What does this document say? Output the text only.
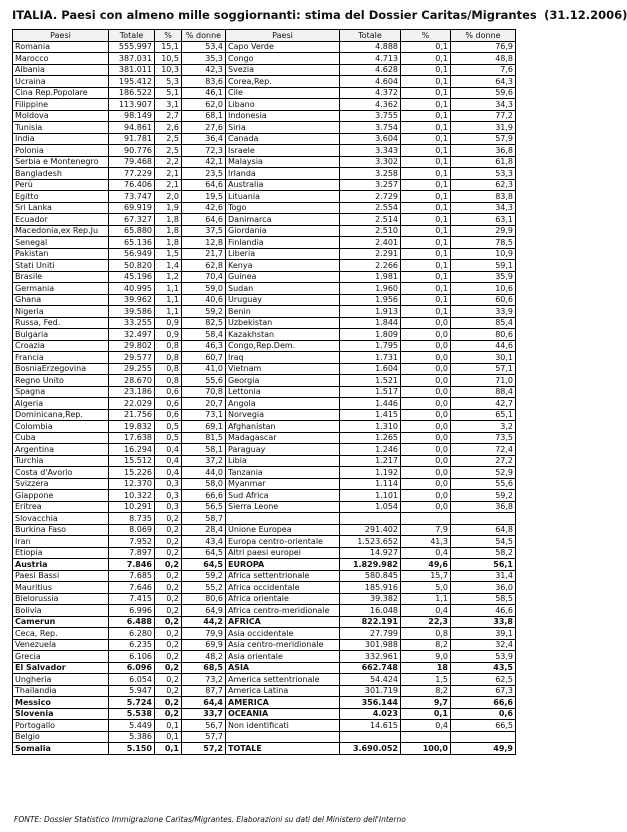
ITALIA. Paesi con almeno mille soggiornanti: stima del Dossier Caritas/Migrantes (31.12.2006)
Paesi	Totale	%	% donne	Paesi	Totale	%	% donne
Romania	555.997	15,1	53,4	Capo Verde	4.888	0,1	76,9
Marocco	387.031	10,5	35,3	Congo	4.713	0,1	48,8
Albania	381.011	10,3	42,3	Svezia	4.628	0,1	7,6
Ucraina	195.412	5,3	83,6	Corea,Rep.	4.604	0,1	64,3
Cina Rep.Popolare	186.522	5,1	46,1	Cile	4.372	0,1	59,6
Filippine	113.907	3,1	62,0	Libano	4.362	0,1	34,3
Moldova	98.149	2,7	68,1	Indonesia	3.755	0,1	77,2
Tunisia	94.861	2,6	27,6	Siria	3.754	0,1	31,9
India	91.781	2,5	36,4	Canada	3.604	0,1	57,9
Polonia	90.776	2,5	72,3	Israele	3.343	0,1	36,8
Serbia e Montenegro	79.468	2,2	42,1	Malaysia	3.302	0,1	61,8
Bangladesh	77.229	2,1	23,5	Irlanda	3.258	0,1	53,3
Perù	76.406	2,1	64,6	Australia	3.257	0,1	62,3
Egitto	73.747	2,0	19,5	Lituania	2.729	0,1	83,8
Sri Lanka	69.919	1,9	42,6	Togo	2.554	0,1	34,3
Ecuador	67.327	1,8	64,6	Danimarca	2.514	0,1	63,1
Macedonia,ex Rep.Ju	65.880	1,8	37,5	Giordania	2.510	0,1	29,9
Senegal	65.136	1,8	12,8	Finlandia	2.401	0,1	78,5
Pakistan	56.949	1,5	21,7	Liberia	2.291	0,1	10,9
Stati Uniti	50.820	1,4	62,8	Kenya	2.266	0,1	59,1
Brasile	45.196	1,2	70,4	Guinea	1.981	0,1	35,9
Germania	40.995	1,1	59,0	Sudan	1.960	0,1	10,6
Ghana	39.962	1,1	40,6	Uruguay	1.956	0,1	60,6
Nigeria	39.586	1,1	59,2	Benin	1.913	0,1	33,9
Russa, Fed.	33.255	0,9	82,5	Uzbekistan	1.844	0,0	85,4
Bulgaria	32.497	0,9	58,4	Kazakhstan	1.809	0,0	80,6
Croazia	29.802	0,8	46,3	Congo,Rep.Dem.	1.795	0,0	44,6
Francia	29.577	0,8	60,7	Iraq	1.731	0,0	30,1
BosniaErzegovina	29.255	0,8	41,0	Vietnam	1.604	0,0	57,1
Regno Unito	28.670	0,8	55,6	Georgia	1.521	0,0	71,0
Spagna	23.186	0,6	70,8	Lettonia	1.517	0,0	88,4
Algeria	22.029	0,6	20,7	Angola	1.446	0,0	42,7
Dominicana,Rep.	21.756	0,6	73,1	Norvegia	1.415	0,0	65,1
Colombia	19.832	0,5	69,1	Afghanistan	1.310	0,0	3,2
Cuba	17.638	0,5	81,5	Madagascar	1.265	0,0	73,5
Argentina	16.294	0,4	58,1	Paraguay	1.246	0,0	72,4
Turchia	15.512	0,4	37,2	Libia	1.217	0,0	27,2
Costa d'Avorio	15.226	0,4	44,0	Tanzania	1.192	0,0	52,9
Svizzera	12.370	0,3	58,0	Myanmar	1.114	0,0	55,6
Giappone	10.322	0,3	66,6	Sud Africa	1.101	0,0	59,2
Eritrea	10.291	0,3	56,5	Sierra Leone	1.054	0,0	36,8
Slovacchia	8.735	0,2	58,7				
Burkina Faso	8.069	0,2	28,4	Unione Europea	291.402	7,9	64,8
Iran	7.952	0,2	43,4	Europa centro-orientale	1.523.652	41,3	54,5
Etiopia	7.897	0,2	64,5	Altri paesi europei	14.927	0,4	58,2
Austria	7.846	0,2	64,5	EUROPA	1.829.982	49,6	56,1
Paesi Bassi	7.685	0,2	59,2	Africa settentrionale	580.845	15,7	31,4
Mauritius	7.646	0,2	55,2	Africa occidentale	185.916	5,0	36,0
Bielorussia	7.415	0,2	80,6	Africa orientale	39.382	1,1	58,5
Bolivia	6.996	0,2	64,9	Africa centro-meridionale	16.048	0,4	46,6
Camerun	6.488	0,2	44,2	AFRICA	822.191	22,3	33,8
Ceca, Rep.	6.280	0,2	79,9	Asia occidentale	27.799	0,8	39,1
Venezuela	6.235	0,2	69,9	Asia centro-meridionale	301.988	8,2	32,4
Grecia	6.106	0,2	48,2	Asia orientale	332.961	9,0	53,9
El Salvador	6.096	0,2	68,5	ASIA	662.748	18	43,5
Ungheria	6.054	0,2	73,2	America settentrionale	54.424	1,5	62,5
Thailandia	5.947	0,2	87,7	America Latina	301.719	8,2	67,3
Messico	5.724	0,2	64,4	AMERICA	356.144	9,7	66,6
Slovenia	5.538	0,2	33,7	OCEANIA	4.023	0,1	0,6
Portogallo	5.449	0,1	56,7	Non identificati	14.615	0,4	66,5
Belgio	5.386	0,1	57,7				
Somalia	5.150	0,1	57,2	TOTALE	3.690.052	100,0	49,9
FONTE: Dossier Statistico Immigrazione Caritas/Migrantes. Elaborazioni su dati del Ministero dell'Interno
